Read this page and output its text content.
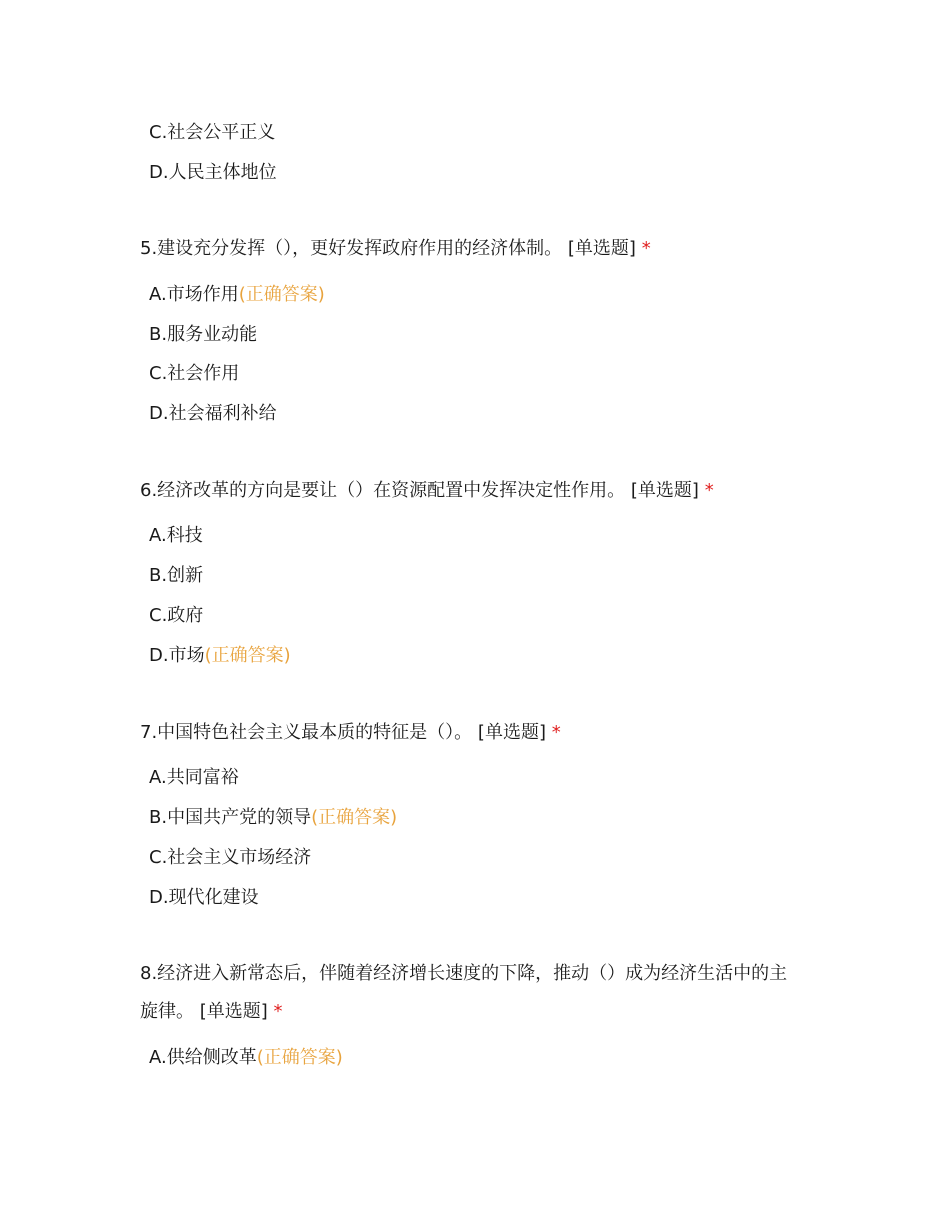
C.社会公平正义
D.人民主体地位
5.建设充分发挥（），更好发挥政府作用的经济体制。 [单选题] *
A.市场作用(正确答案)
B.服务业动能
C.社会作用
D.社会福利补给
6.经济改革的方向是要让（）在资源配置中发挥决定性作用。 [单选题] *
A.科技
B.创新
C.政府
D.市场(正确答案)
7.中国特色社会主义最本质的特征是（）。 [单选题] *
A.共同富裕
B.中国共产党的领导(正确答案)
C.社会主义市场经济
D.现代化建设
8.经济进入新常态后，伴随着经济增长速度的下降，推动（）成为经济生活中的主
旋律。 [单选题] *
A.供给侧改革(正确答案)
